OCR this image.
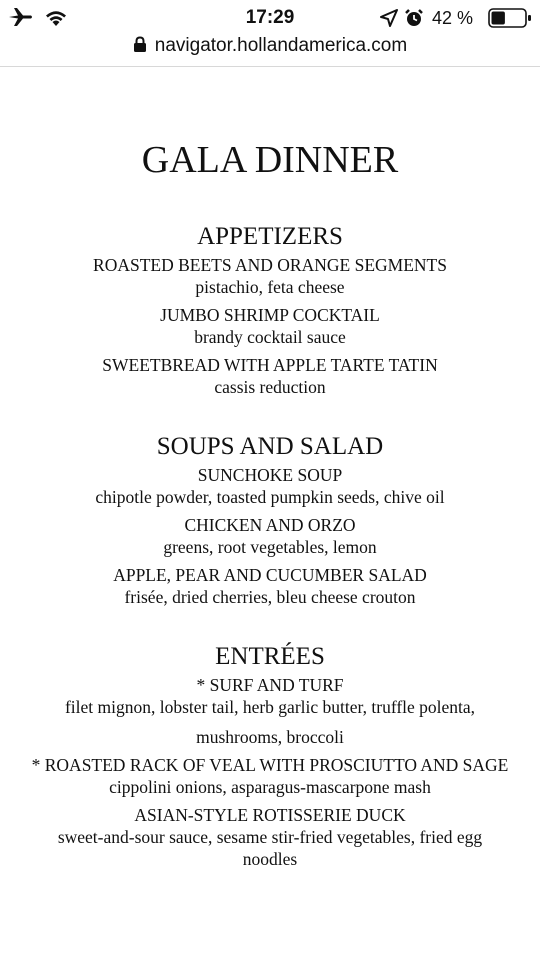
17:29	42 %
navigator.hollandamerica.com
GALA DINNER
APPETIZERS
ROASTED BEETS AND ORANGE SEGMENTS
pistachio, feta cheese
JUMBO SHRIMP COCKTAIL
brandy cocktail sauce
SWEETBREAD WITH APPLE TARTE TATIN
cassis reduction
SOUPS AND SALAD
SUNCHOKE SOUP
chipotle powder, toasted pumpkin seeds, chive oil
CHICKEN AND ORZO
greens, root vegetables, lemon
APPLE, PEAR AND CUCUMBER SALAD
frisée, dried cherries, bleu cheese crouton
ENTRÉES
* SURF AND TURF
filet mignon, lobster tail, herb garlic butter, truffle polenta,
mushrooms, broccoli
* ROASTED RACK OF VEAL WITH PROSCIUTTO AND SAGE
cippolini onions, asparagus-mascarpone mash
ASIAN-STYLE ROTISSERIE DUCK
sweet-and-sour sauce, sesame stir-fried vegetables, fried egg noodles
